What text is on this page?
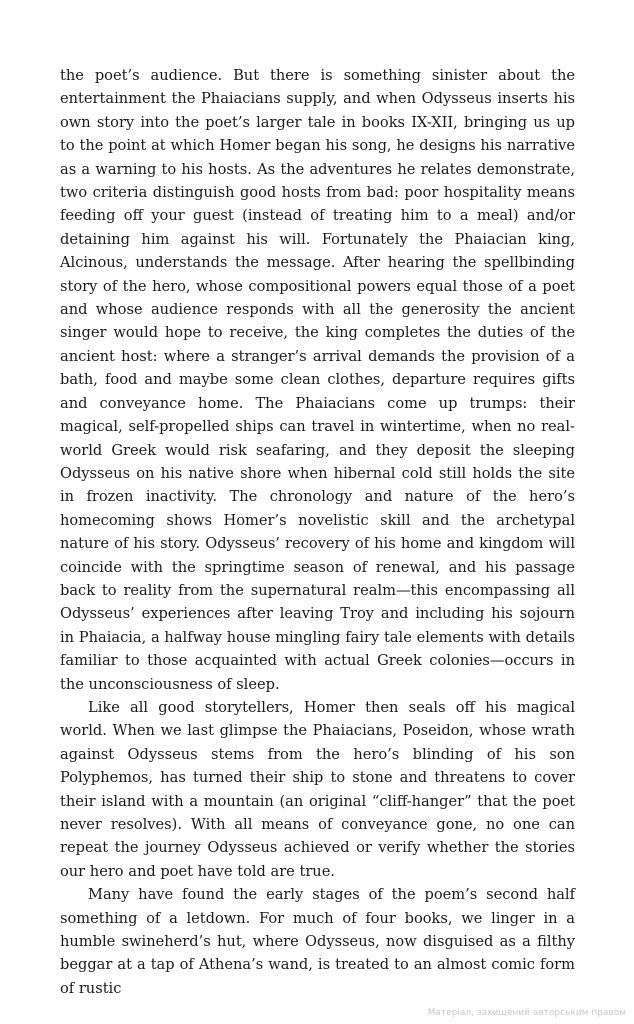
the poet’s audience. But there is something sinister about the entertainment the Phaiacians supply, and when Odysseus inserts his own story into the poet’s larger tale in books IX-XII, bringing us up to the point at which Homer began his song, he designs his narrative as a warning to his hosts. As the adventures he relates demonstrate, two criteria distinguish good hosts from bad: poor hospitality means feeding off your guest (instead of treating him to a meal) and/or detaining him against his will. Fortunately the Phaiacian king, Alcinous, understands the message. After hearing the spellbinding story of the hero, whose compositional powers equal those of a poet and whose audience responds with all the generosity the ancient singer would hope to receive, the king completes the duties of the ancient host: where a stranger’s arrival demands the provision of a bath, food and maybe some clean clothes, departure requires gifts and conveyance home. The Phaiacians come up trumps: their magical, self-propelled ships can travel in wintertime, when no real-world Greek would risk seafaring, and they deposit the sleeping Odysseus on his native shore when hibernal cold still holds the site in frozen inactivity. The chronology and nature of the hero’s homecoming shows Homer’s novelistic skill and the archetypal nature of his story. Odysseus’ recovery of his home and kingdom will coincide with the springtime season of renewal, and his passage back to reality from the supernatural realm—this encompassing all Odysseus’ experiences after leaving Troy and including his sojourn in Phaiacia, a halfway house mingling fairy tale elements with details familiar to those acquainted with actual Greek colonies—occurs in the unconsciousness of sleep.

Like all good storytellers, Homer then seals off his magical world. When we last glimpse the Phaiacians, Poseidon, whose wrath against Odysseus stems from the hero’s blinding of his son Polyphemos, has turned their ship to stone and threatens to cover their island with a mountain (an original “cliff-hanger” that the poet never resolves). With all means of conveyance gone, no one can repeat the journey Odysseus achieved or verify whether the stories our hero and poet have told are true.

Many have found the early stages of the poem’s second half something of a letdown. For much of four books, we linger in a humble swineherd’s hut, where Odysseus, now disguised as a filthy beggar at a tap of Athena’s wand, is treated to an almost comic form of rustic

Матеріал, захищений авторським правом
